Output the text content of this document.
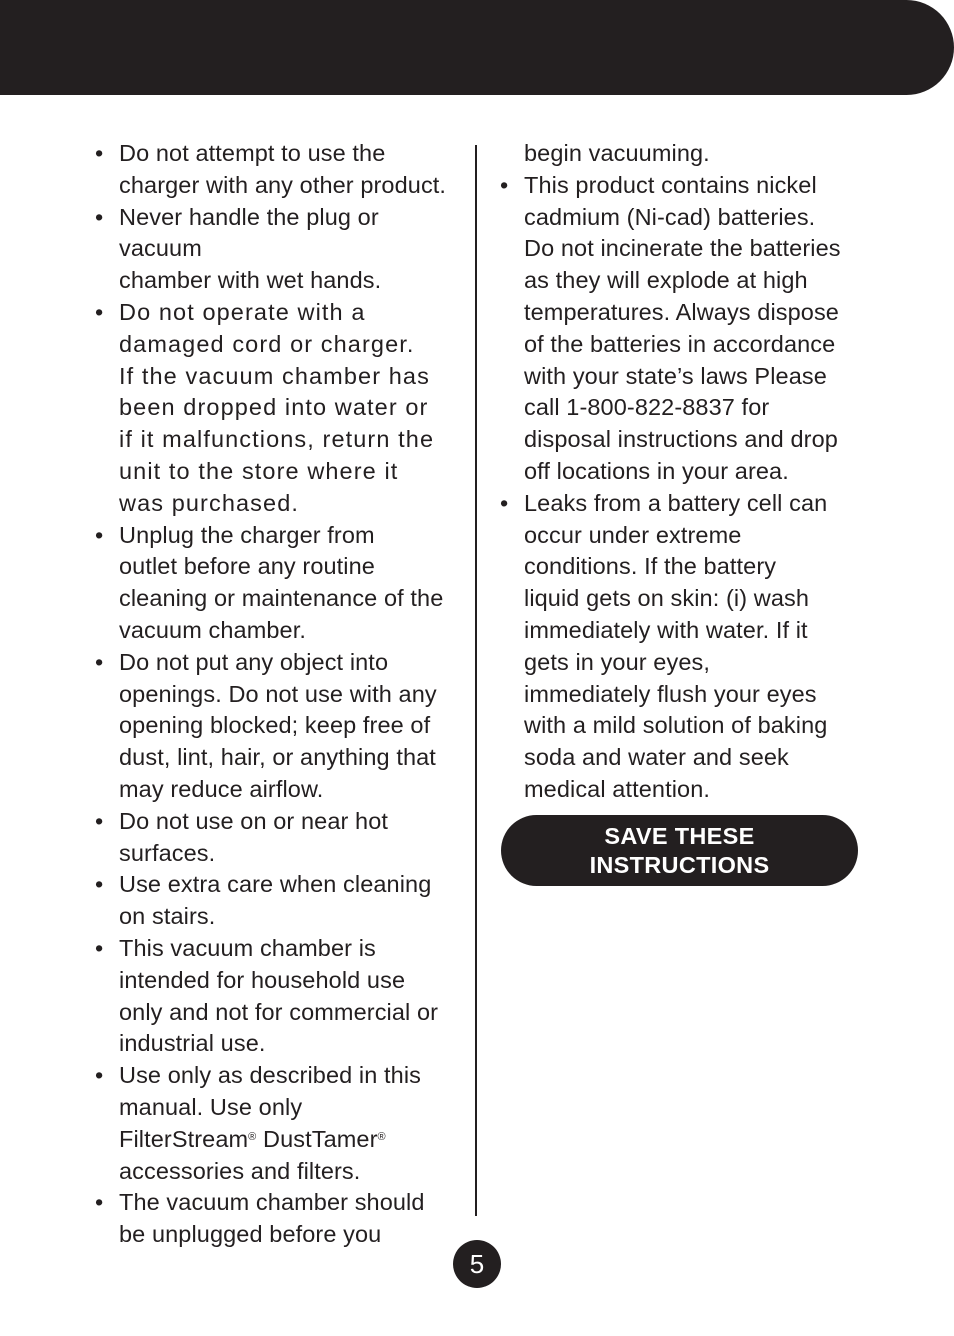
• Do not attempt to use the
charger with any other product.

• Never handle the plug or vacuum
chamber with wet hands.

• Do not operate with a
damaged cord or charger.
If the vacuum chamber has
been dropped into water or
if it malfunctions, return the
unit to the store where it
was purchased.

• Unplug the charger from
outlet before any routine
cleaning or maintenance of the
vacuum chamber.

• Do not put any object into
openings. Do not use with any
opening blocked; keep free of
dust, lint, hair, or anything that
may reduce airflow.

• Do not use on or near hot
surfaces.

• Use extra care when cleaning
on stairs.

• This vacuum chamber is
intended for household use
only and not for commercial or
industrial use.

• Use only as described in this
manual. Use only
FilterStream® DustTamer®
accessories and filters.
• The vacuum chamber should
be unplugged before you

begin vacuuming.
• This product contains nickel
cadmium (Ni-cad) batteries.
Do not incinerate the batteries
as they will explode at high
temperatures. Always dispose
of the batteries in accordance
with your state’s laws Please
call 1-800-822-8837 for
disposal instructions and drop
off locations in your area.

• Leaks from a battery cell can
occur under extreme
conditions. If the battery
liquid gets on skin: (i) wash
immediately with water. If it
gets in your eyes,
immediately flush your eyes
with a mild solution of baking
soda and water and seek
medical attention.

SAVE THESE
INSTRUCTIONS
5
